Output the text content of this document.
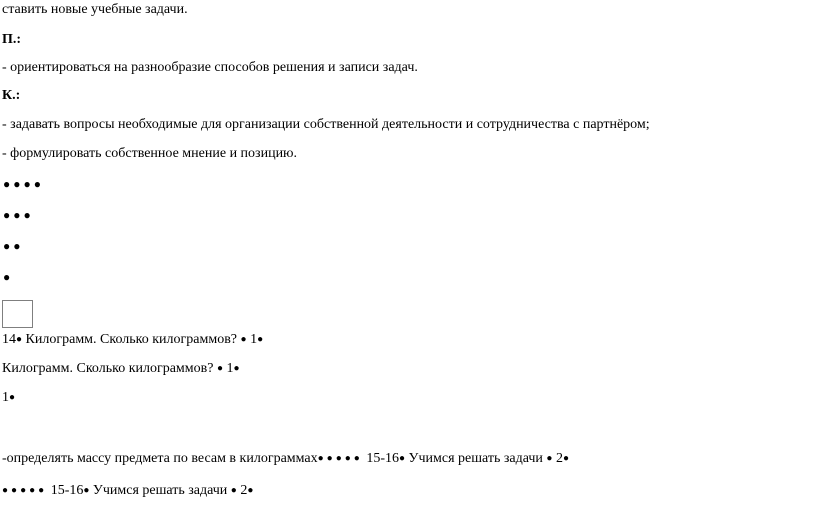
ставить новые учебные задачи.
П.:
- ориентироваться на разнообразие способов решения и записи задач.
К.:
- задавать вопросы необходимые для организации собственной деятельности и сотрудничества с партнёром;
- формулировать собственное мнение и позицию.
●●●●
●●●
●●
●
14● Килограмм. Сколько килограммов? ● 1●
Килограмм. Сколько килограммов? ● 1●
1●
-определять массу предмета по весам в килограммах●●●●● 15-16● Учимся решать задачи ● 2●
●●●●● 15-16● Учимся решать задачи ● 2●
